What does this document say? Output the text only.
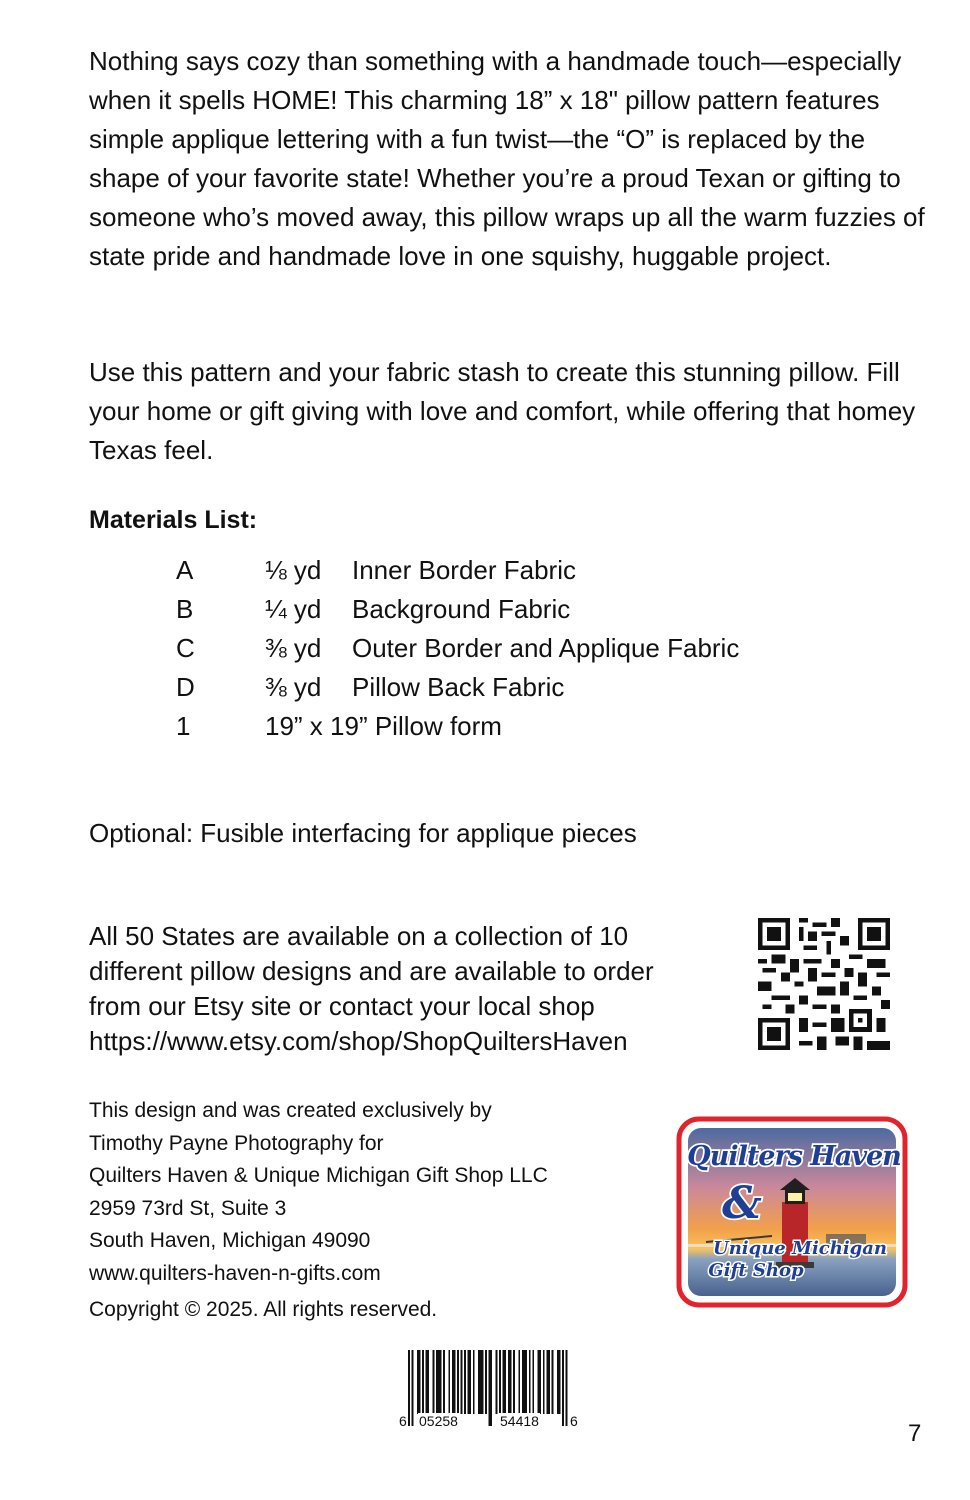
Nothing says cozy than something with a handmade touch—especially when it spells HOME! This charming 18” x 18" pillow pattern features simple applique lettering with a fun twist—the “O” is replaced by the shape of your favorite state! Whether you’re a proud Texan or gifting to someone who’s moved away, this pillow wraps up all the warm fuzzies of state pride and handmade love in one squishy, huggable project.

Use this pattern and your fabric stash to create this stunning pillow. Fill your home or gift giving with love and comfort, while offering that homey Texas feel.

Materials List:

A	⅛ yd Inner Border Fabric
B	¼ yd Background Fabric
C	⅜ yd Outer Border and Applique Fabric
D	⅜ yd Pillow Back Fabric
1	19” x 19” Pillow form

Optional: Fusible interfacing for applique pieces

All 50 States are available on a collection of 10
different pillow designs and are available to order
from our Etsy site or contact your local shop
https://www.etsy.com/shop/ShopQuiltersHaven

This design and was created exclusively by
Timothy Payne Photography for
Quilters Haven & Unique Michigan Gift Shop LLC
2959 73rd St, Suite 3
South Haven, Michigan 49090
www.quilters-haven-n-gifts.com

Copyright © 2025. All rights reserved.

Quilters Haven
&
Unique Michigan
Gift Shop
6 05258	54418 6	7
